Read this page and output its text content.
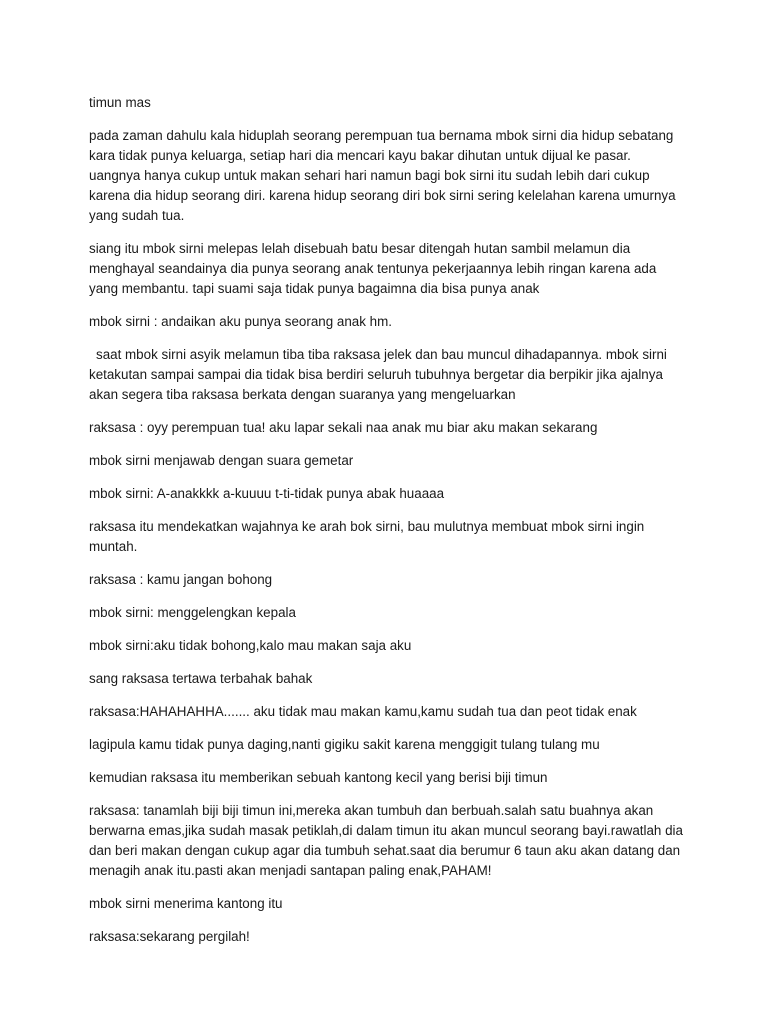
timun mas

pada zaman dahulu kala hiduplah seorang perempuan tua bernama mbok sirni dia hidup sebatang kara tidak punya keluarga, setiap hari dia mencari kayu bakar dihutan untuk dijual ke pasar. uangnya hanya cukup untuk makan sehari hari namun bagi bok sirni itu sudah lebih dari cukup karena dia hidup seorang diri. karena hidup seorang diri bok sirni sering kelelahan karena umurnya yang sudah tua.

siang itu mbok sirni melepas lelah disebuah batu besar ditengah hutan sambil melamun dia menghayal seandainya dia punya seorang anak tentunya pekerjaannya lebih ringan karena ada yang membantu. tapi suami saja tidak punya bagaimna dia bisa punya anak

mbok sirni : andaikan aku punya seorang anak hm.

saat mbok sirni asyik melamun tiba tiba raksasa jelek dan bau muncul dihadapannya. mbok sirni ketakutan sampai sampai dia tidak bisa berdiri seluruh tubuhnya bergetar dia berpikir jika ajalnya akan segera tiba raksasa berkata dengan suaranya yang mengeluarkan

raksasa : oyy perempuan tua! aku lapar sekali naa anak mu biar aku makan sekarang

mbok sirni menjawab dengan suara gemetar

mbok sirni: A-anakkkk a-kuuuu t-ti-tidak punya abak huaaaa

raksasa itu mendekatkan wajahnya ke arah bok sirni, bau mulutnya membuat mbok sirni ingin muntah.

raksasa : kamu jangan bohong

mbok sirni: menggelengkan kepala

mbok sirni:aku tidak bohong,kalo mau makan saja aku

sang raksasa tertawa terbahak bahak

raksasa:HAHAHAHHA....... aku tidak mau makan kamu,kamu sudah tua dan peot tidak enak

lagipula kamu tidak punya daging,nanti gigiku sakit karena menggigit tulang tulang mu

kemudian raksasa itu memberikan sebuah kantong kecil yang berisi biji timun

raksasa: tanamlah biji biji timun ini,mereka akan tumbuh dan berbuah.salah satu buahnya akan berwarna emas,jika sudah masak petiklah,di dalam timun itu akan muncul seorang bayi.rawatlah dia dan beri makan dengan cukup agar dia tumbuh sehat.saat dia berumur 6 taun aku akan datang dan menagih anak itu.pasti akan menjadi santapan paling enak,PAHAM!

mbok sirni menerima kantong itu

raksasa:sekarang pergilah!
